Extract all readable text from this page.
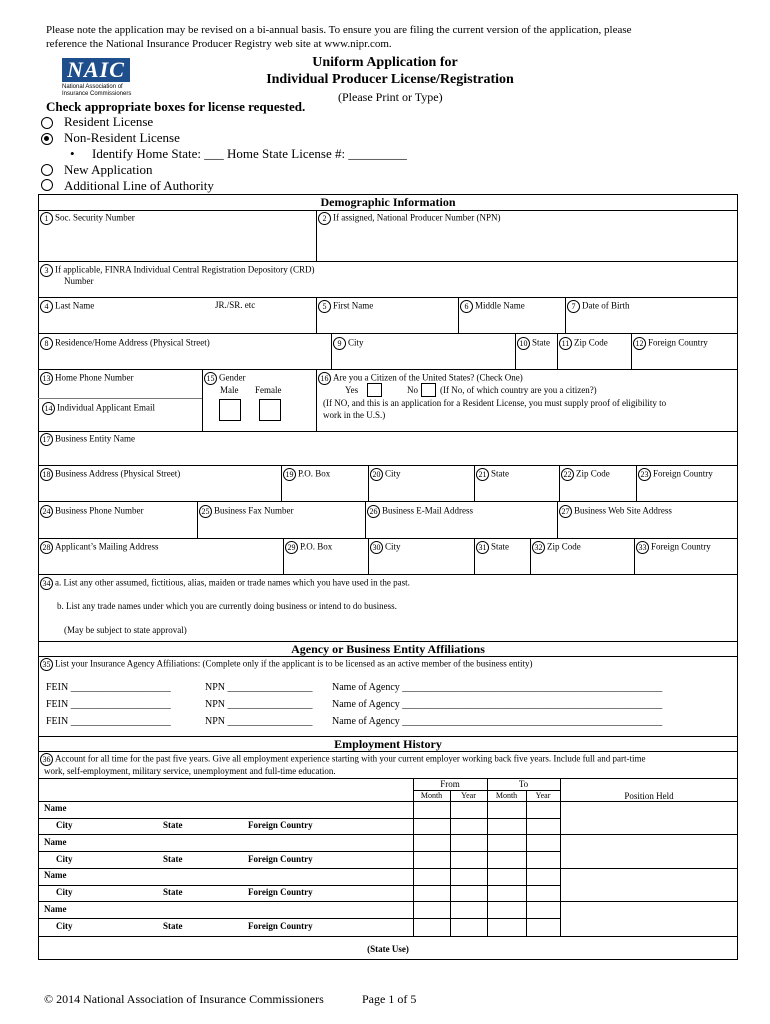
Please note the application may be revised on a bi-annual basis. To ensure you are filing the current version of the application, please
reference the National Insurance Producer Registry web site at www.nipr.com.
NAIC
National Association of
Insurance Commissioners
Uniform Application for
Individual Producer License/Registration
(Please Print or Type)
Check appropriate boxes for license requested.
Resident License
Non-Resident License
• Identify Home State: ___ Home State License #: _________
New Application
Additional Line of Authority
Demographic Information
1 Soc. Security Number	2 If assigned, National Producer Number (NPN)
3 If applicable, FINRA Individual Central Registration Depository (CRD)
Number
4 Last Name	JR./SR. etc	5 First Name	6 Middle Name	7 Date of Birth
8 Residence/Home Address (Physical Street)	9 City	10 State	11 Zip Code	12 Foreign Country
13 Home Phone Number
14 Individual Applicant Email
15 Gender
Male Female
16 Are you a Citizen of the United States? (Check One)
Yes	No (If No, of which country are you a citizen?)
(If NO, and this is an application for a Resident License, you must supply proof of eligibility to
work in the U.S.)
17 Business Entity Name
18 Business Address (Physical Street)	19 P.O. Box	20 City	21 State	22 Zip Code	23 Foreign Country
24 Business Phone Number	25 Business Fax Number	26 Business E-Mail Address	27 Business Web Site Address
28 Applicant’s Mailing Address	29 P.O. Box	30 City	31 State	32 Zip Code	33 Foreign Country
34 a. List any other assumed, fictitious, alias, maiden or trade names which you have used in the past.
b. List any trade names under which you are currently doing business or intend to do business.
(May be subject to state approval)
Agency or Business Entity Affiliations
35 List your Insurance Agency Affiliations: (Complete only if the applicant is to be licensed as an active member of the business entity)
FEIN ____________________	NPN _________________ Name of Agency ____________________________________________________
FEIN ____________________	NPN _________________ Name of Agency ____________________________________________________
FEIN ____________________	NPN _________________ Name of Agency ____________________________________________________
Employment History
36 Account for all time for the past five years. Give all employment experience starting with your current employer working back five years. Include full and part-time
work, self-employment, military service, unemployment and full-time education.
From	To
Month	Year	Month	Year	Position Held
Name
City	State	Foreign Country
Name
City	State	Foreign Country
Name
City	State	Foreign Country
Name
City	State	Foreign Country
(State Use)
© 2014 National Association of Insurance Commissioners	Page 1 of 5
